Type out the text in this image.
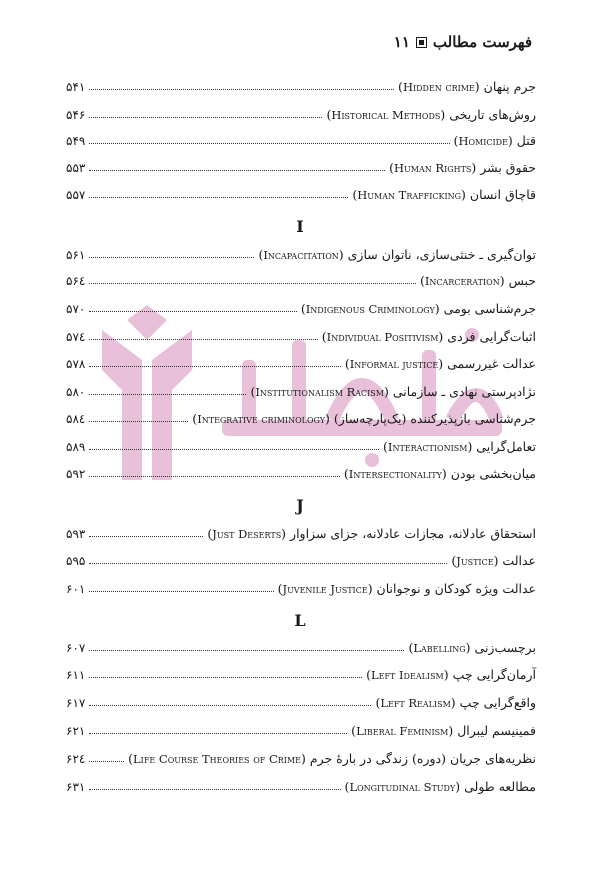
فهرست مطالب
۱۱
جرم پنهان (Hidden crime)
۵۴۱
روش‌های تاریخی (Historical Methods)
۵۴۶
قتل (Homicide)
۵۴۹
حقوق بشر (Human Rights)
۵۵۳
قاچاق انسان (Human Trafficking)
۵۵۷
I
توان‌گیری ـ خنثی‌سازی، ناتوان سازی (Incapacitation)
۵۶۱
حبس (Incarceration)
۵۶٤
جرم‌شناسی بومی (Indigenous Criminology)
۵۷۰
اثبات‌گرایی فردی (Individual Positivism)
۵۷٤
عدالت غیررسمی (Informal justice)
۵۷۸
نژادپرستی نهادی ـ سازمانی (Institutionalism Racism)
۵۸۰
جرم‌شناسی بازپذیرکننده (یک‌پارچه‌ساز) (Integrative criminology)
۵۸٤
تعامل‌گرایی (Interactionism)
۵۸۹
میان‌بخشی بودن (Intersectionality)
۵۹۲
J
استحقاق عادلانه، مجازات عادلانه، جزای سزاوار (Just Deserts)
۵۹۳
عدالت (Justice)
۵۹۵
عدالت ویژه کودکان و نوجوانان (Juvenile Justice)
۶۰۱
L
برچسب‌زنی (Labelling)
۶۰۷
آرمان‌گرایی چپ (Left Idealism)
۶۱۱
واقع‌گرایی چپ (Left Realism)
۶۱۷
فمینیسم لیبرال (Liberal Feminism)
۶۲۱
نظریه‌های جریان (دوره) زندگی در بارهٔ جرم (Life Course Theories of Crime)
۶۲٤
مطالعه طولی (Longitudinal Study)
۶۳۱
